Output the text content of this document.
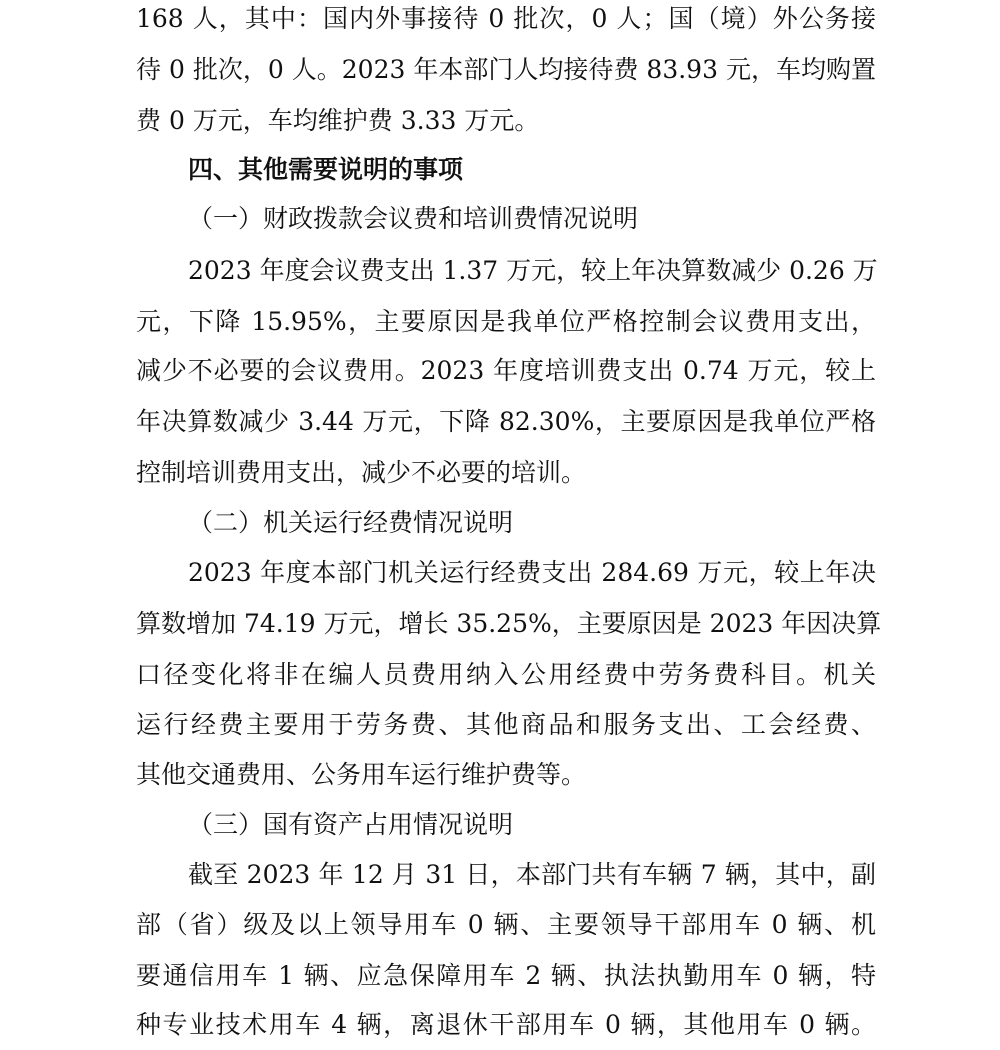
168 人，其中：国内外事接待 0 批次，0 人；国（境）外公务接
待 0 批次，0 人。2023 年本部门人均接待费 83.93 元，车均购置
费 0 万元，车均维护费 3.33 万元。
四、其他需要说明的事项
（一）财政拨款会议费和培训费情况说明
2023 年度会议费支出 1.37 万元，较上年决算数减少 0.26 万
元，下降 15.95%，主要原因是我单位严格控制会议费用支出，
减少不必要的会议费用。2023 年度培训费支出 0.74 万元，较上
年决算数减少 3.44 万元，下降 82.30%，主要原因是我单位严格
控制培训费用支出，减少不必要的培训。
（二）机关运行经费情况说明
2023 年度本部门机关运行经费支出 284.69 万元，较上年决
算数增加 74.19 万元，增长 35.25%，主要原因是 2023 年因决算
口径变化将非在编人员费用纳入公用经费中劳务费科目。机关
运行经费主要用于劳务费、其他商品和服务支出、工会经费、
其他交通费用、公务用车运行维护费等。
（三）国有资产占用情况说明
截至 2023 年 12 月 31 日，本部门共有车辆 7 辆，其中，副
部（省）级及以上领导用车 0 辆、主要领导干部用车 0 辆、机
要通信用车 1 辆、应急保障用车 2 辆、执法执勤用车 0 辆，特
种专业技术用车 4 辆，离退休干部用车 0 辆，其他用车 0 辆。
